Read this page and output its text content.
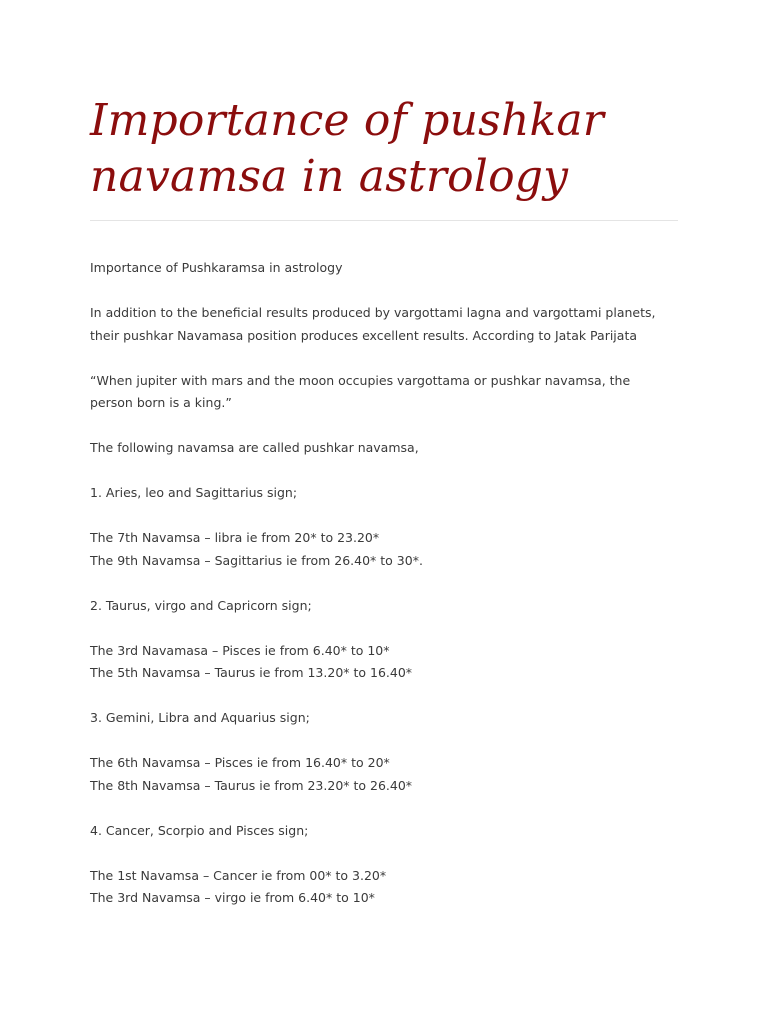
Importance of pushkar
navamsa in astrology

Importance of Pushkaramsa in astrology

In addition to the beneficial results produced by vargottami lagna and vargottami planets,
their pushkar Navamasa position produces excellent results. According to Jatak Parijata

“When jupiter with mars and the moon occupies vargottama or pushkar navamsa, the
person born is a king.”

The following navamsa are called pushkar navamsa,

1. Aries, leo and Sagittarius sign;

The 7th Navamsa – libra ie from 20* to 23.20*
The 9th Navamsa – Sagittarius ie from 26.40* to 30*.

2. Taurus, virgo and Capricorn sign;

The 3rd Navamasa – Pisces ie from 6.40* to 10*
The 5th Navamsa – Taurus ie from 13.20* to 16.40*

3. Gemini, Libra and Aquarius sign;

The 6th Navamsa – Pisces ie from 16.40* to 20*
The 8th Navamsa – Taurus ie from 23.20* to 26.40*

4. Cancer, Scorpio and Pisces sign;

The 1st Navamsa – Cancer ie from 00* to 3.20*
The 3rd Navamsa – virgo ie from 6.40* to 10*
